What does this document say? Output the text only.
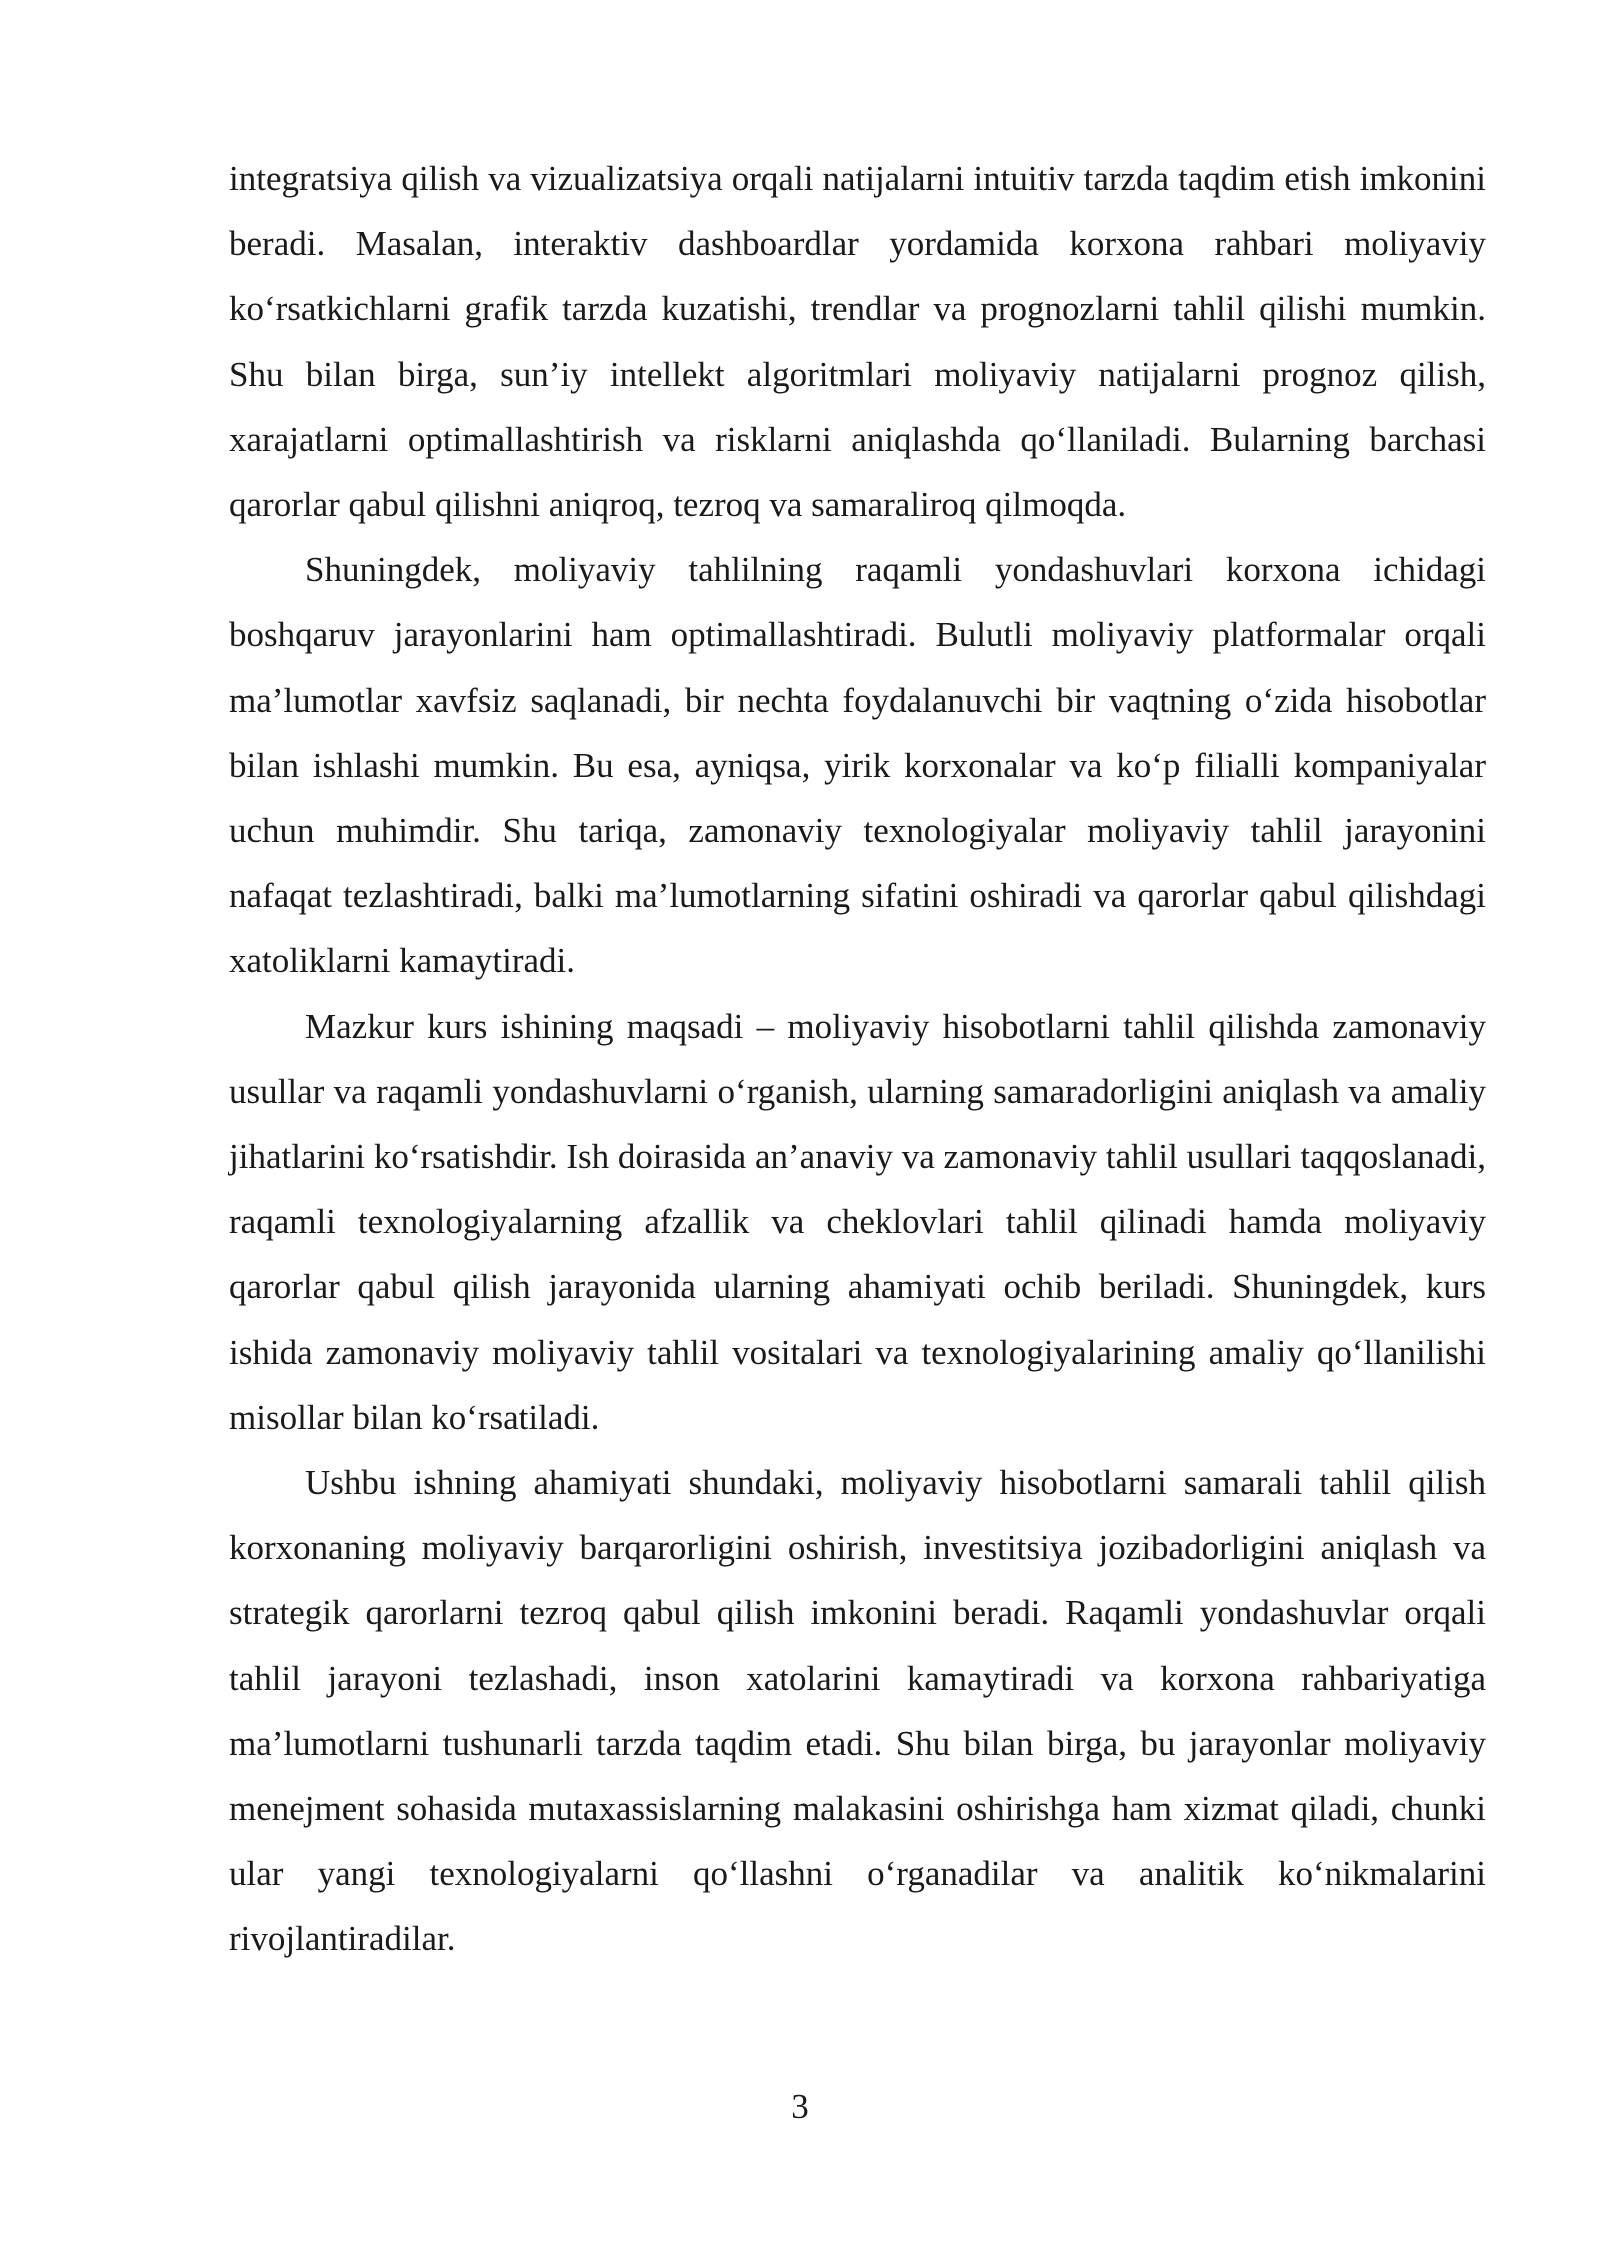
integratsiya qilish va vizualizatsiya orqali natijalarni intuitiv tarzda taqdim etish imkonini beradi. Masalan, interaktiv dashboardlar yordamida korxona rahbari moliyaviy koʻrsatkichlarni grafik tarzda kuzatishi, trendlar va prognozlarni tahlil qilishi mumkin. Shu bilan birga, sun’iy intellekt algoritmlari moliyaviy natijalarni prognoz qilish, xarajatlarni optimallashtirish va risklarni aniqlashda qoʻllaniladi. Bularning barchasi qarorlar qabul qilishni aniqroq, tezroq va samaraliroq qilmoqda.

Shuningdek, moliyaviy tahlilning raqamli yondashuvlari korxona ichidagi boshqaruv jarayonlarini ham optimallashtiradi. Bulutli moliyaviy platformalar orqali ma’lumotlar xavfsiz saqlanadi, bir nechta foydalanuvchi bir vaqtning oʻzida hisobotlar bilan ishlashi mumkin. Bu esa, ayniqsa, yirik korxonalar va koʻp filialli kompaniyalar uchun muhimdir. Shu tariqa, zamonaviy texnologiyalar moliyaviy tahlil jarayonini nafaqat tezlashtiradi, balki ma’lumotlarning sifatini oshiradi va qarorlar qabul qilishdagi xatoliklarni kamaytiradi.

Mazkur kurs ishining maqsadi – moliyaviy hisobotlarni tahlil qilishda zamonaviy usullar va raqamli yondashuvlarni oʻrganish, ularning samaradorligini aniqlash va amaliy jihatlarini koʻrsatishdir. Ish doirasida an’anaviy va zamonaviy tahlil usullari taqqoslanadi, raqamli texnologiyalarning afzallik va cheklovlari tahlil qilinadi hamda moliyaviy qarorlar qabul qilish jarayonida ularning ahamiyati ochib beriladi. Shuningdek, kurs ishida zamonaviy moliyaviy tahlil vositalari va texnologiyalarining amaliy qoʻllanilishi misollar bilan koʻrsatiladi.

Ushbu ishning ahamiyati shundaki, moliyaviy hisobotlarni samarali tahlil qilish korxonaning moliyaviy barqarorligini oshirish, investitsiya jozibadorligini aniqlash va strategik qarorlarni tezroq qabul qilish imkonini beradi. Raqamli yondashuvlar orqali tahlil jarayoni tezlashadi, inson xatolarini kamaytiradi va korxona rahbariyatiga ma’lumotlarni tushunarli tarzda taqdim etadi. Shu bilan birga, bu jarayonlar moliyaviy menejment sohasida mutaxassislarning malakasini oshirishga ham xizmat qiladi, chunki ular yangi texnologiyalarni qoʻllashni oʻrganadilar va analitik koʻnikmalarini rivojlantiradilar.

3
